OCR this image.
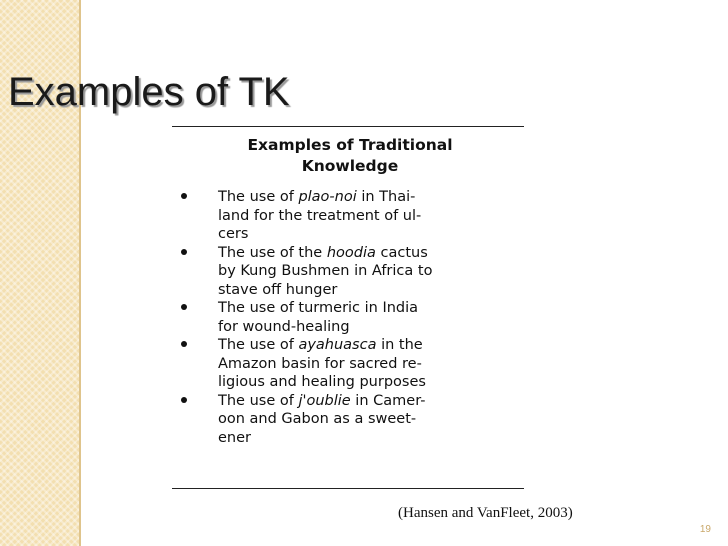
Examples of TK

Examples of Traditional
Knowledge

The use of plao-noi in Thai-
land for the treatment of ul-
cers
The use of the hoodia cactus
by Kung Bushmen in Africa to
stave off hunger
The use of turmeric in India
for wound-healing
The use of ayahuasca in the
Amazon basin for sacred re-
ligious and healing purposes
The use of j'oublie in Camer-
oon and Gabon as a sweet-
ener

(Hansen and VanFleet, 2003)

19
